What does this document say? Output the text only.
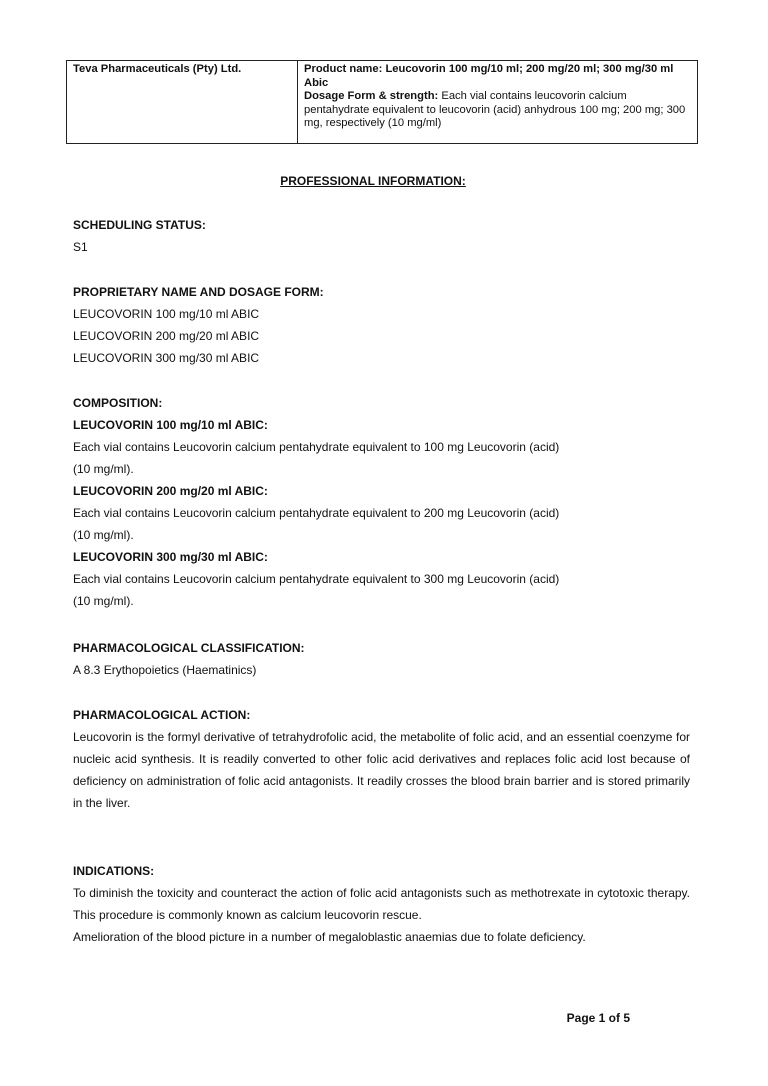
Teva Pharmaceuticals (Pty) Ltd.	Product name: Leucovorin 100 mg/10 ml; 200 mg/20 ml; 300 mg/30 ml Abic
Dosage Form & strength: Each vial contains leucovorin calcium pentahydrate equivalent to leucovorin (acid) anhydrous 100 mg; 200 mg; 300 mg, respectively (10 mg/ml)
PROFESSIONAL INFORMATION:

SCHEDULING STATUS:

S1

PROPRIETARY NAME AND DOSAGE FORM:

LEUCOVORIN 100 mg/10 ml ABIC

LEUCOVORIN 200 mg/20 ml ABIC

LEUCOVORIN 300 mg/30 ml ABIC

COMPOSITION:

LEUCOVORIN 100 mg/10 ml ABIC:

Each vial contains Leucovorin calcium pentahydrate equivalent to 100 mg Leucovorin (acid)

(10 mg/ml).

LEUCOVORIN 200 mg/20 ml ABIC:

Each vial contains Leucovorin calcium pentahydrate equivalent to 200 mg Leucovorin (acid)

(10 mg/ml).

LEUCOVORIN 300 mg/30 ml ABIC:

Each vial contains Leucovorin calcium pentahydrate equivalent to 300 mg Leucovorin (acid)

(10 mg/ml).

PHARMACOLOGICAL CLASSIFICATION:

A 8.3 Erythopoietics (Haematinics)

PHARMACOLOGICAL ACTION:

Leucovorin is the formyl derivative of tetrahydrofolic acid, the metabolite of folic acid, and an essential coenzyme for nucleic acid synthesis. It is readily converted to other folic acid derivatives and replaces folic acid lost because of deficiency on administration of folic acid antagonists. It readily crosses the blood brain barrier and is stored primarily in the liver.

INDICATIONS:

To diminish the toxicity and counteract the action of folic acid antagonists such as methotrexate in cytotoxic therapy. This procedure is commonly known as calcium leucovorin rescue.

Amelioration of the blood picture in a number of megaloblastic anaemias due to folate deficiency.

Page 1 of 5
